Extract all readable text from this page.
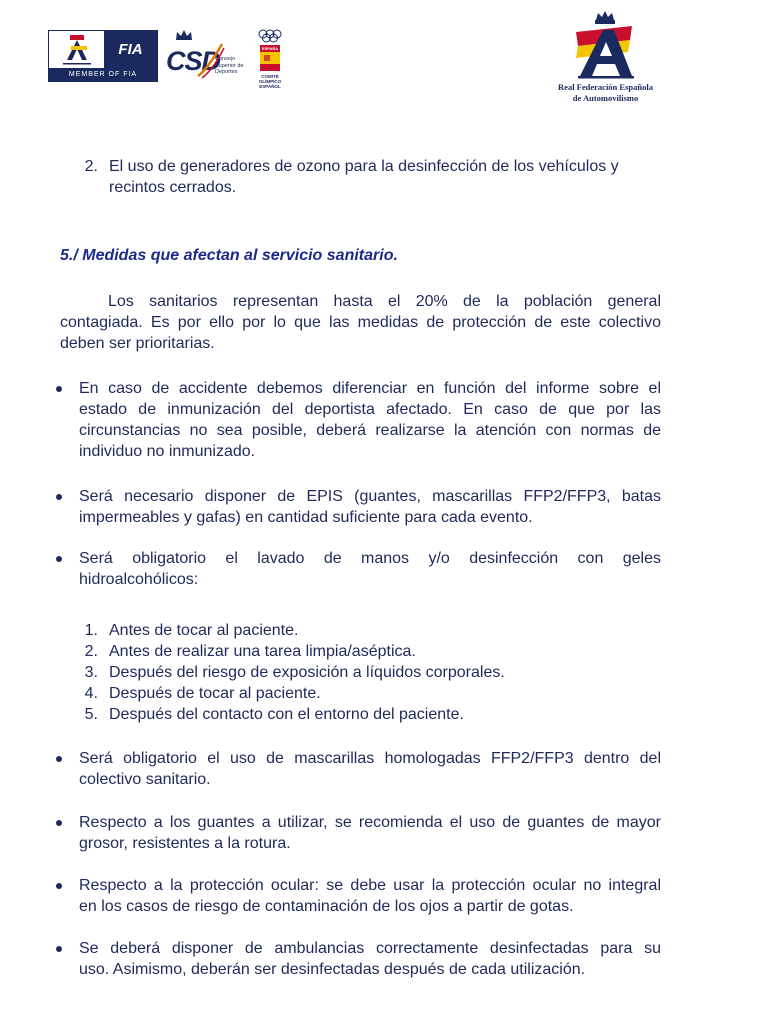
FIA
MEMBER OF FIA	CSD
Consejo Superior de Deportes
ESPAÑA
COMITÉ OLÍMPICO ESPAÑOL	Real Federación Española
de Automovilismo
2. El uso de generadores de ozono para la desinfección de los vehículos y
recintos cerrados.
5./ Medidas que afectan al servicio sanitario.
Los sanitarios representan hasta el 20% de la población general
contagiada. Es por ello por lo que las medidas de protección de este colectivo
deben ser prioritarias.
En caso de accidente debemos diferenciar en función del informe sobre el
estado de inmunización del deportista afectado. En caso de que por las
circunstancias no sea posible, deberá realizarse la atención con normas de
individuo no inmunizado.
Será necesario disponer de EPIS (guantes, mascarillas FFP2/FFP3, batas
impermeables y gafas) en cantidad suficiente para cada evento.
Será obligatorio el lavado de manos y/o desinfección con geles
hidroalcohólicos:
1. Antes de tocar al paciente.
2. Antes de realizar una tarea limpia/aséptica.
3. Después del riesgo de exposición a líquidos corporales.
4. Después de tocar al paciente.
5. Después del contacto con el entorno del paciente.
Será obligatorio el uso de mascarillas homologadas FFP2/FFP3 dentro del
colectivo sanitario.
Respecto a los guantes a utilizar, se recomienda el uso de guantes de mayor
grosor, resistentes a la rotura.
Respecto a la protección ocular: se debe usar la protección ocular no integral
en los casos de riesgo de contaminación de los ojos a partir de gotas.
Se deberá disponer de ambulancias correctamente desinfectadas para su
uso. Asimismo, deberán ser desinfectadas después de cada utilización.
